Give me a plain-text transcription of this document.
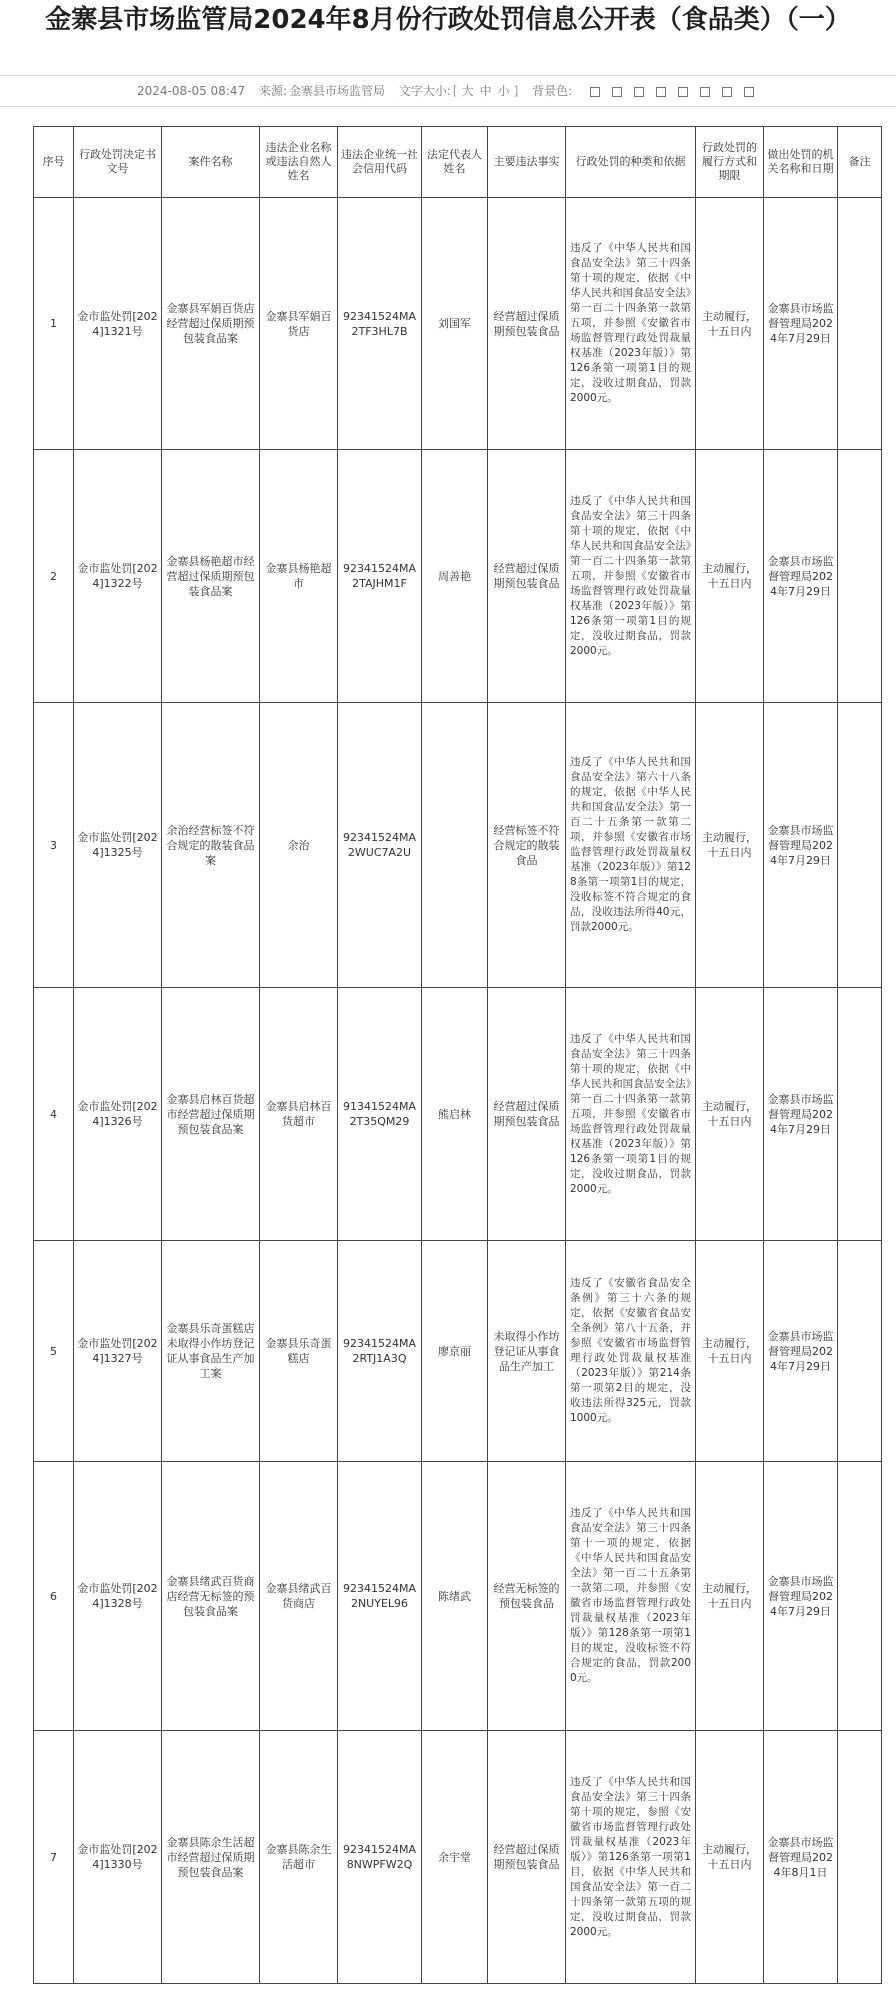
金寨县市场监管局2024年8月份行政处罚信息公开表（食品类）（一）
2024-08-05 08:47 来源: 金寨县市场监管局 文字大小: [ 大 中 小 ] 背景色:
序号	行政处罚决定书文号	案件名称	违法企业名称或违法自然人姓名	违法企业统一社会信用代码	法定代表人姓名	主要违法事实	行政处罚的种类和依据	行政处罚的履行方式和期限	做出处罚的机关名称和日期	备注
1	金市监处罚[2024]1321号	金寨县军娟百货店经营超过保质期预包装食品案	金寨县军娟百货店	92341524MA2TF3HL7B	刘国军	经营超过保质期预包装食品	违反了《中华人民共和国食品安全法》第三十四条第十项的规定，依据《中华人民共和国食品安全法》第一百二十四条第一款第五项，并参照《安徽省市场监督管理行政处罚裁量权基准（2023年版）》第126条第一项第1目的规定，没收过期食品，罚款2000元。	主动履行，十五日内	金寨县市场监督管理局2024年7月29日	
2	金市监处罚[2024]1322号	金寨县杨艳超市经营超过保质期预包装食品案	金寨县杨艳超市	92341524MA2TAJHM1F	周善艳	经营超过保质期预包装食品	违反了《中华人民共和国食品安全法》第三十四条第十项的规定，依据《中华人民共和国食品安全法》第一百二十四条第一款第五项，并参照《安徽省市场监督管理行政处罚裁量权基准（2023年版）》第126条第一项第1目的规定，没收过期食品，罚款2000元。	主动履行，十五日内	金寨县市场监督管理局2024年7月29日	
3	金市监处罚[2024]1325号	余治经营标签不符合规定的散装食品案	余治	92341524MA2WUC7A2U		经营标签不符合规定的散装食品	违反了《中华人民共和国食品安全法》第六十八条的规定，依据《中华人民共和国食品安全法》第一百二十五条第一款第二项，并参照《安徽省市场监督管理行政处罚裁量权基准（2023年版）》第128条第一项第1目的规定，没收标签不符合规定的食品，没收违法所得40元，罚款2000元。	主动履行，十五日内	金寨县市场监督管理局2024年7月29日	
4	金市监处罚[2024]1326号	金寨县启林百货超市经营超过保质期预包装食品案	金寨县启林百货超市	91341524MA2T35QM29	熊启林	经营超过保质期预包装食品	违反了《中华人民共和国食品安全法》第三十四条第十项的规定，依据《中华人民共和国食品安全法》第一百二十四条第一款第五项，并参照《安徽省市场监督管理行政处罚裁量权基准（2023年版）》第126条第一项第1目的规定，没收过期食品，罚款2000元。	主动履行，十五日内	金寨县市场监督管理局2024年7月29日	
5	金市监处罚[2024]1327号	金寨县乐奇蛋糕店未取得小作坊登记证从事食品生产加工案	金寨县乐奇蛋糕店	92341524MA2RTJ1A3Q	廖京丽	未取得小作坊登记证从事食品生产加工	违反了《安徽省食品安全条例》第三十六条的规定，依据《安徽省食品安全条例》第八十五条，并参照《安徽省市场监督管理行政处罚裁量权基准（2023年版）》第214条第一项第2目的规定，没收违法所得325元，罚款1000元。	主动履行，十五日内	金寨县市场监督管理局2024年7月29日	
6	金市监处罚[2024]1328号	金寨县绪武百货商店经营无标签的预包装食品案	金寨县绪武百货商店	92341524MA2NUYEL96	陈绪武	经营无标签的预包装食品	违反了《中华人民共和国食品安全法》第三十四条第十一项的规定，依据《中华人民共和国食品安全法》第一百二十五条第一款第二项，并参照《安徽省市场监督管理行政处罚裁量权基准（2023年版）》第128条第一项第1目的规定，没收标签不符合规定的食品，罚款2000元。	主动履行，十五日内	金寨县市场监督管理局2024年7月29日	
7	金市监处罚[2024]1330号	金寨县陈余生活超市经营超过保质期预包装食品案	金寨县陈余生活超市	92341524MA8NWPFW2Q	余宇堂	经营超过保质期预包装食品	违反了《中华人民共和国食品安全法》第三十四条第十项的规定，参照《安徽省市场监督管理行政处罚裁量权基准（2023年版）》第126条第一项第1目，依据《中华人民共和国食品安全法》第一百二十四条第一款第五项的规定，没收过期食品，罚款2000元。	主动履行，十五日内	金寨县市场监督管理局2024年8月1日	
